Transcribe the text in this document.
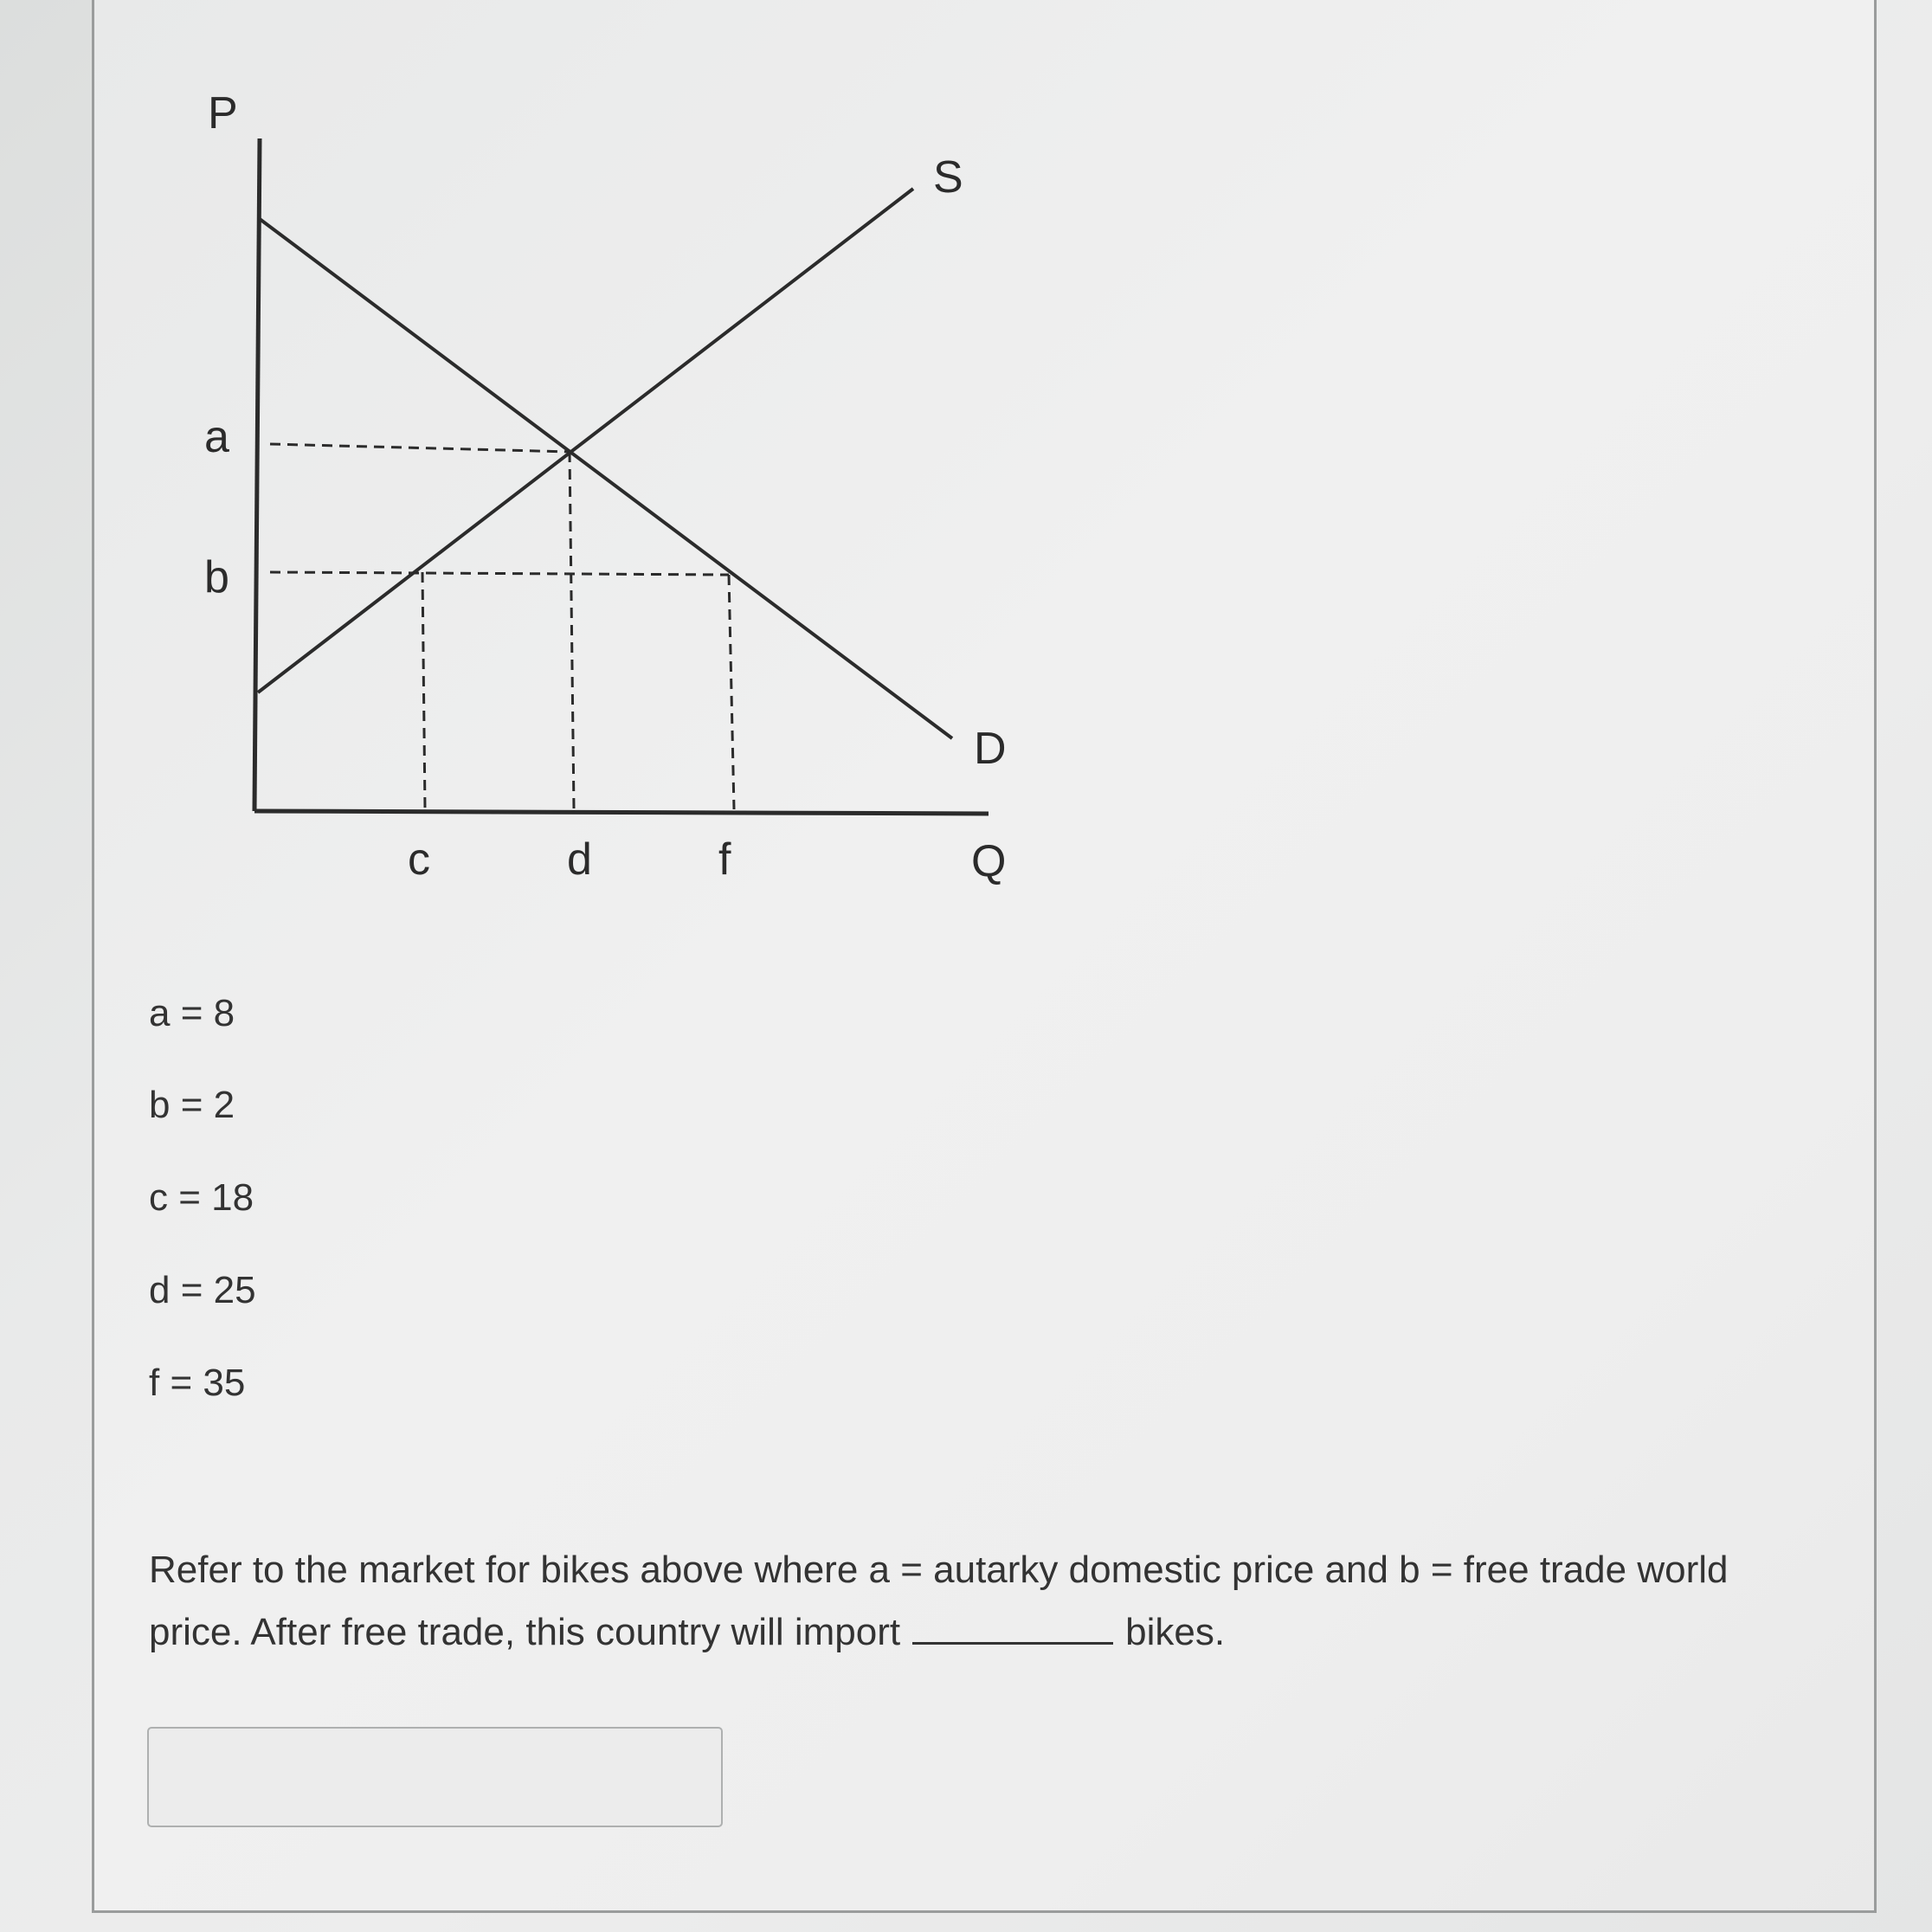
P
Q
S
D
a
b
c	d	f
a = 8
b = 2
c = 18
d = 25
f = 35
Refer to the market for bikes above where a = autarky domestic price and b = free trade world price. After free trade, this country will import	bikes.
